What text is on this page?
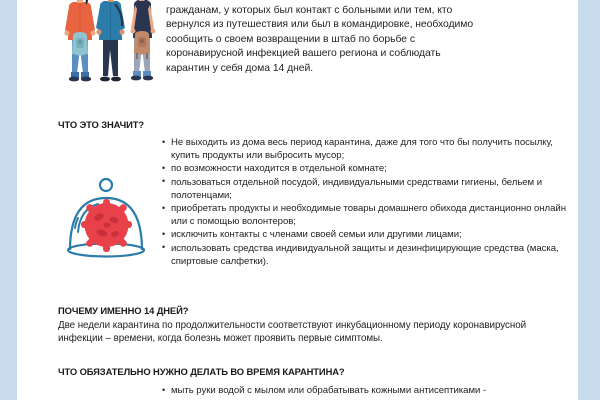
гражданам, у которых был контакт с больными или тем, кто
вернулся из путешествия или был в командировке, необходимо
сообщить о своем возвращении в штаб по борьбе с
коронавирусной инфекцией вашего региона и соблюдать
карантин у себя дома 14 дней.
ЧТО ЭТО ЗНАЧИТ?
• Не выходить из дома весь период карантина, даже для того что бы получить посылку, купить продукты или выбросить мусор;
• по возможности находится в отдельной комнате;
• пользоваться отдельной посудой, индивидуальными средствами гигиены, бельем и полотенцами;
• приобретать продукты и необходимые товары домашнего обихода дистанционно онлайн или с помощью волонтеров;
• исключить контакты с членами своей семьи или другими лицами;
• использовать средства индивидуальной защиты и дезинфицирующие средства (маска, спиртовые салфетки).
ПОЧЕМУ ИМЕННО 14 ДНЕЙ?
Две недели карантина по продолжительности соответствуют инкубационному периоду коронавирусной инфекции – времени, когда болезнь может проявить первые симптомы.
ЧТО ОБЯЗАТЕЛЬНО НУЖНО ДЕЛАТЬ ВО ВРЕМЯ КАРАНТИНА?
• мыть руки водой с мылом или обрабатывать кожными антисептиками -
